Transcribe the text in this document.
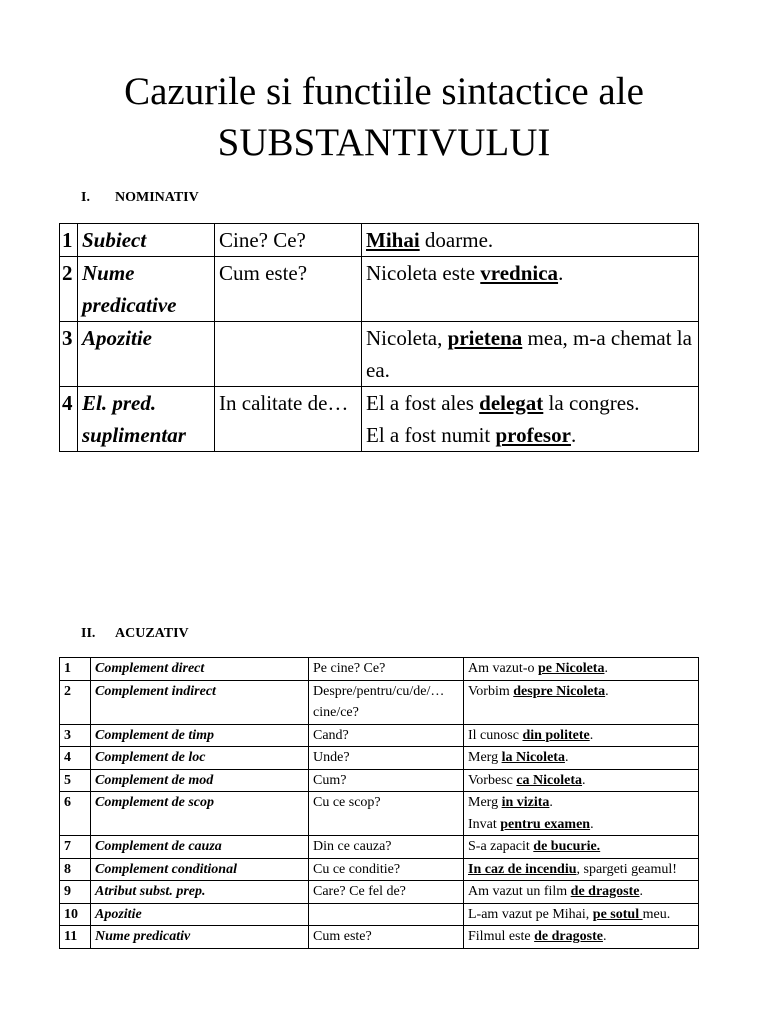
Cazurile si functiile sintactice ale
SUBSTANTIVULUI
I. NOMINATIV
1	Subiect	Cine? Ce?	Mihai doarme.
2	Nume predicative	Cum este?	Nicoleta este vrednica.
3	Apozitie		Nicoleta, prietena mea, m-a chemat la ea.
4	El. pred. suplimentar	In calitate de…	El a fost ales delegat la congres.
El a fost numit profesor.
II. ACUZATIV
1	Complement direct	Pe cine? Ce?	Am vazut-o pe Nicoleta.
2	Complement indirect	Despre/pentru/cu/de/…cine/ce?	Vorbim despre Nicoleta.
3	Complement de timp	Cand?	Il cunosc din politete.
4	Complement de loc	Unde?	Merg la Nicoleta.
5	Complement de mod	Cum?	Vorbesc ca Nicoleta.
6	Complement de scop	Cu ce scop?	Merg in vizita.
Invat pentru examen.
7	Complement de cauza	Din ce cauza?	S-a zapacit de bucurie.
8	Complement conditional	Cu ce conditie?	In caz de incendiu, spargeti geamul!
9	Atribut subst. prep.	Care? Ce fel de?	Am vazut un film de dragoste.
10	Apozitie		L-am vazut pe Mihai, pe sotul meu.
11	Nume predicativ	Cum este?	Filmul este de dragoste.
